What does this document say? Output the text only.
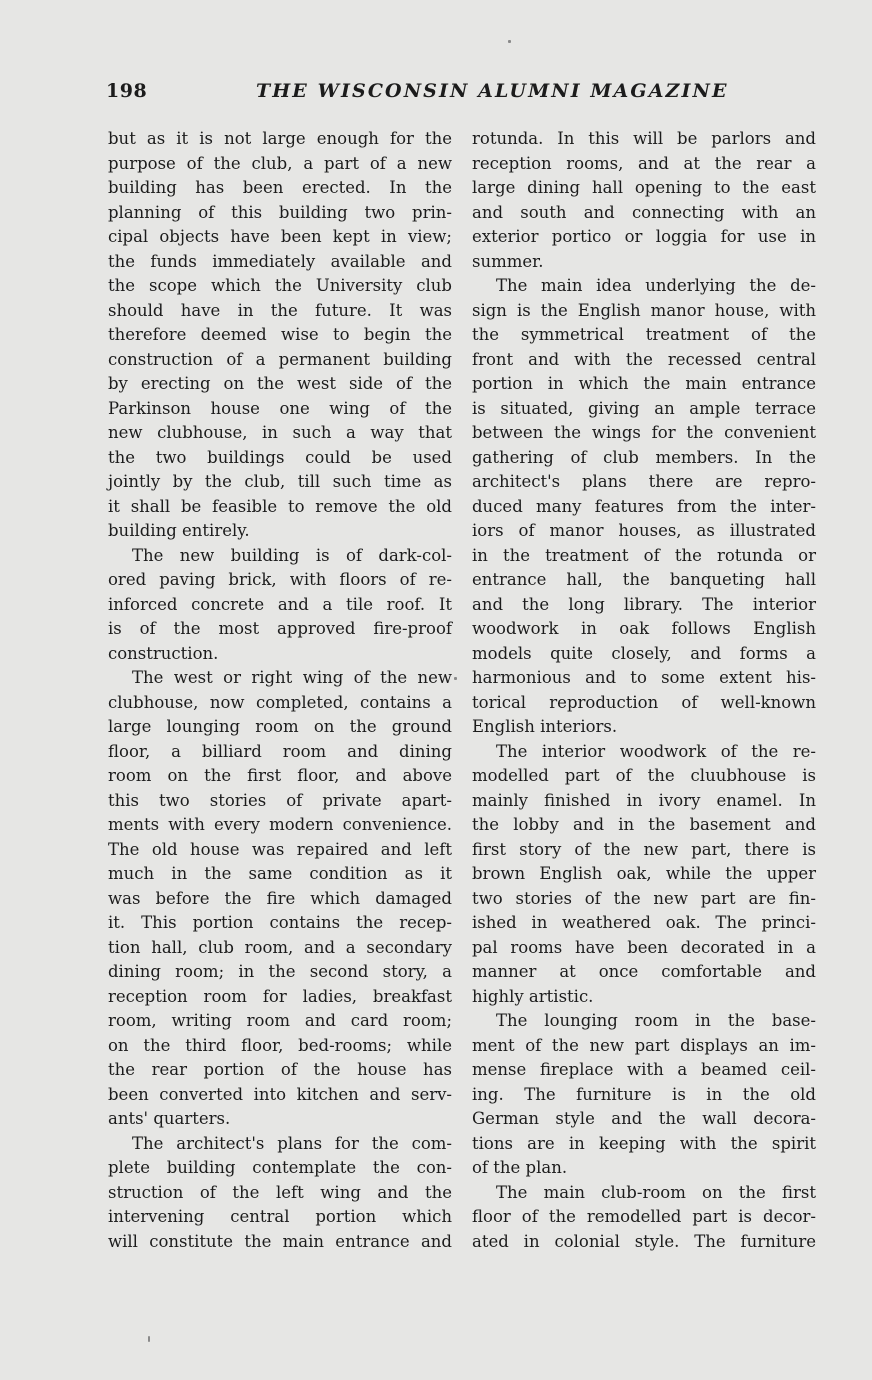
198	THE WISCONSIN ALUMNI MAGAZINE
but as it is not large enough for the
purpose of the club, a part of a new
building has been erected. In the
planning of this building two prin-
cipal objects have been kept in view;
the funds immediately available and
the scope which the University club
should have in the future. It was
therefore deemed wise to begin the
construction of a permanent building
by erecting on the west side of the
Parkinson house one wing of the
new clubhouse, in such a way that
the two buildings could be used
jointly by the club, till such time as
it shall be feasible to remove the old
building entirely.
The new building is of dark-col-
ored paving brick, with floors of re-
inforced concrete and a tile roof. It
is of the most approved fire-proof
construction.
The west or right wing of the new
clubhouse, now completed, contains a
large lounging room on the ground
floor, a billiard room and dining
room on the first floor, and above
this two stories of private apart-
ments with every modern convenience.
The old house was repaired and left
much in the same condition as it
was before the fire which damaged
it. This portion contains the recep-
tion hall, club room, and a secondary
dining room; in the second story, a
reception room for ladies, breakfast
room, writing room and card room;
on the third floor, bed-rooms; while
the rear portion of the house has
been converted into kitchen and serv-
ants' quarters.
The architect's plans for the com-
plete building contemplate the con-
struction of the left wing and the
intervening central portion which
will constitute the main entrance and
rotunda. In this will be parlors and
reception rooms, and at the rear a
large dining hall opening to the east
and south and connecting with an
exterior portico or loggia for use in
summer.
The main idea underlying the de-
sign is the English manor house, with
the symmetrical treatment of the
front and with the recessed central
portion in which the main entrance
is situated, giving an ample terrace
between the wings for the convenient
gathering of club members. In the
architect's plans there are repro-
duced many features from the inter-
iors of manor houses, as illustrated
in the treatment of the rotunda or
entrance hall, the banqueting hall
and the long library. The interior
woodwork in oak follows English
models quite closely, and forms a
harmonious and to some extent his-
torical reproduction of well-known
English interiors.
The interior woodwork of the re-
modelled part of the cluubhouse is
mainly finished in ivory enamel. In
the lobby and in the basement and
first story of the new part, there is
brown English oak, while the upper
two stories of the new part are fin-
ished in weathered oak. The princi-
pal rooms have been decorated in a
manner at once comfortable and
highly artistic.
The lounging room in the base-
ment of the new part displays an im-
mense fireplace with a beamed ceil-
ing. The furniture is in the old
German style and the wall decora-
tions are in keeping with the spirit
of the plan.
The main club-room on the first
floor of the remodelled part is decor-
ated in colonial style. The furniture
